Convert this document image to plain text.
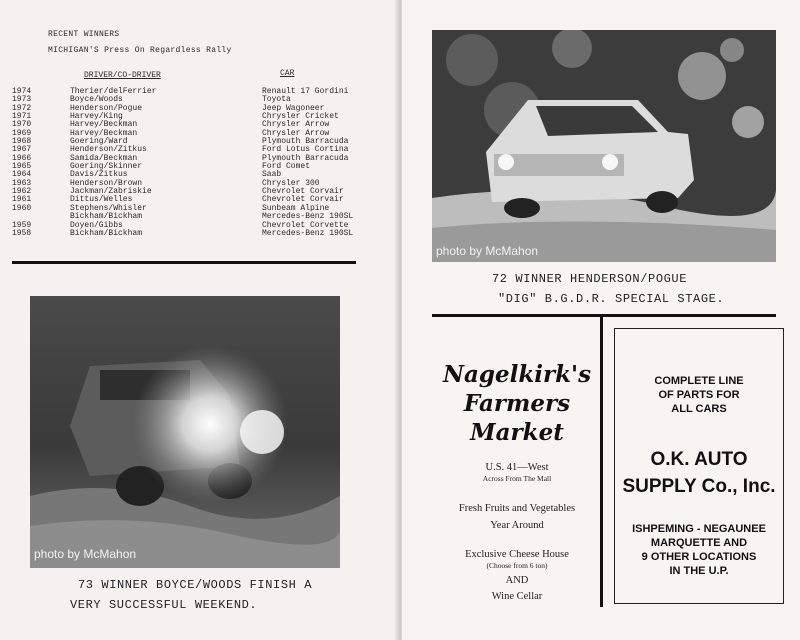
RECENT WINNERS
MICHIGAN'S Press On Regardless Rally
DRIVER/CO-DRIVER	CAR
1974	Therier/delFerrier	Renault 17 Gordini
1973	Boyce/Woods	Toyota
1972	Henderson/Pogue	Jeep Wagoneer
1971	Harvey/King	Chrysler Cricket
1970	Harvey/Beckman	Chrysler Arrow
1969	Harvey/Beckman	Chrysler Arrow
1968	Goering/Ward	Plymouth Barracuda
1967	Henderson/Zitkus	Ford Lotus Cortina
1966	Samida/Beckman	Plymouth Barracuda
1965	Goering/Skinner	Ford Comet
1964	Davis/Zitkus	Saab
1963	Henderson/Brown	Chrysler 300
1962	Jackman/Zabriskie	Chevrolet Corvair
1961	Dittus/Welles	Chevrolet Corvair
1960	Stephens/Whisler	Sunbeam Alpine
Bickham/Bickham	Mercedes-Benz 190SL
1959	Doyen/Gibbs	Chevrolet Corvette
1958	Bickham/Bickham	Mercedes-Benz 190SL
photo by McMahon
73 WINNER BOYCE/WOODS FINISH A
VERY SUCCESSFUL WEEKEND.
photo by McMahon
72 WINNER HENDERSON/POGUE
"DIG" B.G.D.R. SPECIAL STAGE.
Nagelkirk's
Farmers
Market
U.S. 41—West
Across From The Mall
Fresh Fruits and Vegetables
Year Around
Exclusive Cheese House
(Choose from 6 ton)
AND
Wine Cellar
COMPLETE LINE
OF PARTS FOR
ALL CARS
O.K. AUTO
SUPPLY Co., Inc.
ISHPEMING - NEGAUNEE
MARQUETTE AND
9 OTHER LOCATIONS
IN THE U.P.
